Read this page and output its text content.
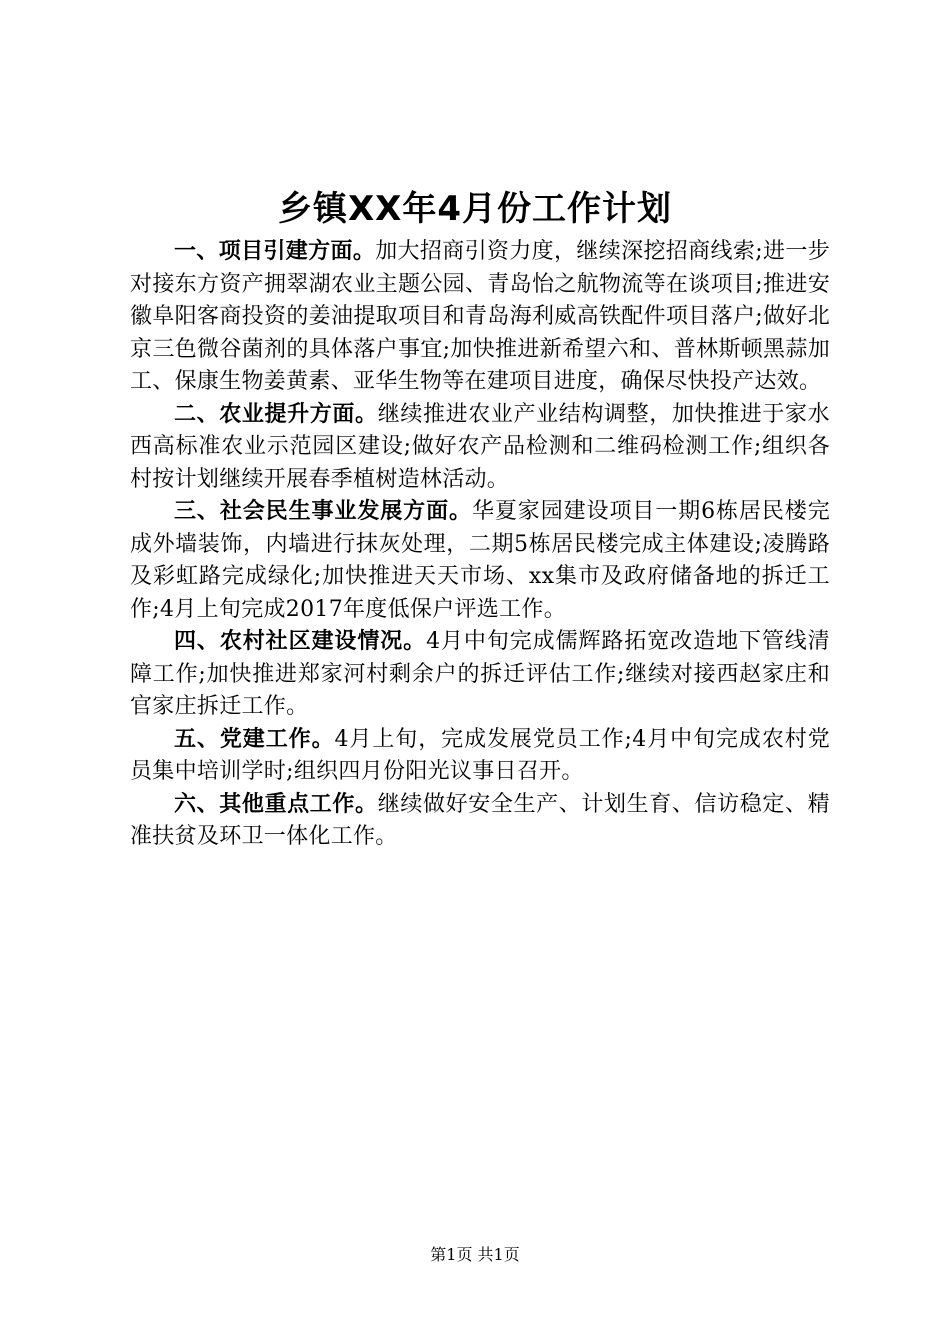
乡镇XX年4月份工作计划

一、项目引建方面。加大招商引资力度，继续深挖招商线索;进一步对接东方资产拥翠湖农业主题公园、青岛怡之航物流等在谈项目;推进安徽阜阳客商投资的姜油提取项目和青岛海利威高铁配件项目落户;做好北京三色微谷菌剂的具体落户事宜;加快推进新希望六和、普林斯顿黑蒜加工、保康生物姜黄素、亚华生物等在建项目进度，确保尽快投产达效。

二、农业提升方面。继续推进农业产业结构调整，加快推进于家水西高标准农业示范园区建设;做好农产品检测和二维码检测工作;组织各村按计划继续开展春季植树造林活动。

三、社会民生事业发展方面。华夏家园建设项目一期6栋居民楼完成外墙装饰，内墙进行抹灰处理，二期5栋居民楼完成主体建设;凌腾路及彩虹路完成绿化;加快推进天天市场、xx集市及政府储备地的拆迁工作;4月上旬完成2017年度低保户评选工作。

四、农村社区建设情况。4月中旬完成儒辉路拓宽改造地下管线清障工作;加快推进郑家河村剩余户的拆迁评估工作;继续对接西赵家庄和官家庄拆迁工作。

五、党建工作。4月上旬，完成发展党员工作;4月中旬完成农村党员集中培训学时;组织四月份阳光议事日召开。

六、其他重点工作。继续做好安全生产、计划生育、信访稳定、精准扶贫及环卫一体化工作。

第1页 共1页
